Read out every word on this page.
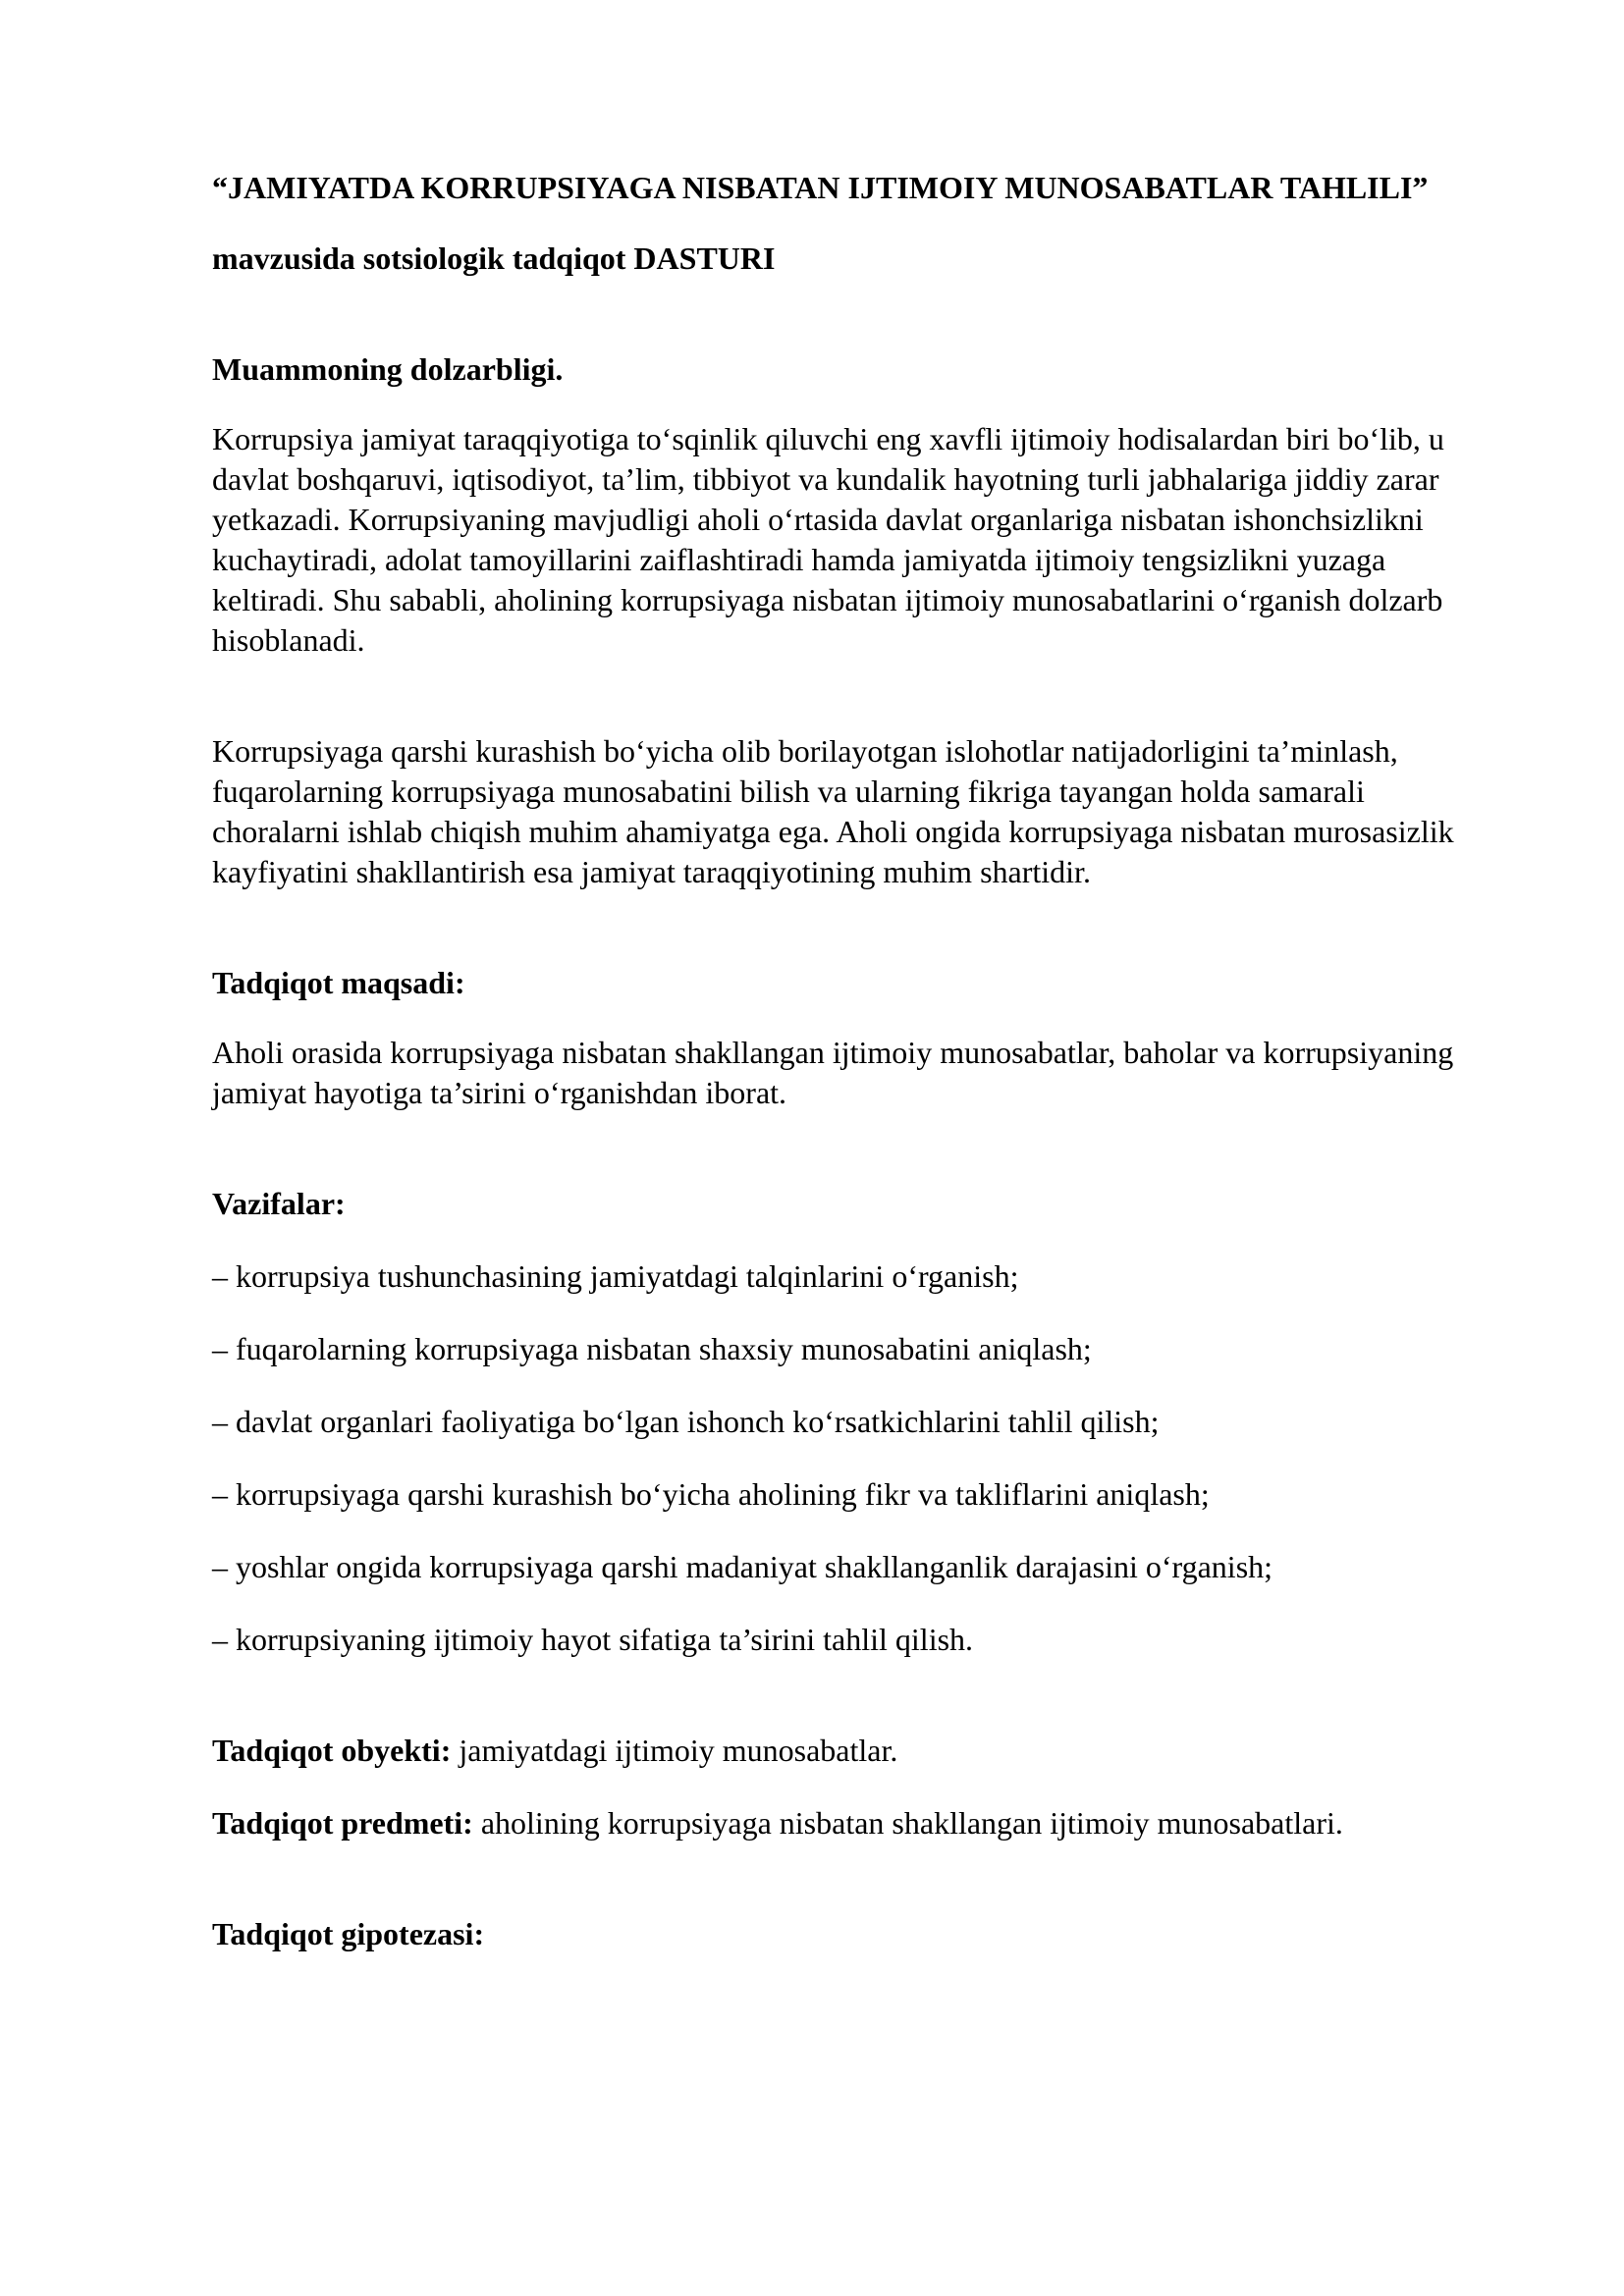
“JAMIYATDA KORRUPSIYAGA NISBATAN IJTIMOIY MUNOSABATLAR TAHLILI”

mavzusida sotsiologik tadqiqot DASTURI

Muammoning dolzarbligi.

Korrupsiya jamiyat taraqqiyotiga to‘sqinlik qiluvchi eng xavfli ijtimoiy hodisalardan biri bo‘lib, u davlat boshqaruvi, iqtisodiyot, ta’lim, tibbiyot va kundalik hayotning turli jabhalariga jiddiy zarar yetkazadi. Korrupsiyaning mavjudligi aholi o‘rtasida davlat organlariga nisbatan ishonchsizlikni kuchaytiradi, adolat tamoyillarini zaiflashtiradi hamda jamiyatda ijtimoiy tengsizlikni yuzaga keltiradi. Shu sababli, aholining korrupsiyaga nisbatan ijtimoiy munosabatlarini o‘rganish dolzarb hisoblanadi.

Korrupsiyaga qarshi kurashish bo‘yicha olib borilayotgan islohotlar natijadorligini ta’minlash, fuqarolarning korrupsiyaga munosabatini bilish va ularning fikriga tayangan holda samarali choralarni ishlab chiqish muhim ahamiyatga ega. Aholi ongida korrupsiyaga nisbatan murosasizlik kayfiyatini shakllantirish esa jamiyat taraqqiyotining muhim shartidir.

Tadqiqot maqsadi:

Aholi orasida korrupsiyaga nisbatan shakllangan ijtimoiy munosabatlar, baholar va korrupsiyaning jamiyat hayotiga ta’sirini o‘rganishdan iborat.

Vazifalar:

– korrupsiya tushunchasining jamiyatdagi talqinlarini o‘rganish;

– fuqarolarning korrupsiyaga nisbatan shaxsiy munosabatini aniqlash;

– davlat organlari faoliyatiga bo‘lgan ishonch ko‘rsatkichlarini tahlil qilish;

– korrupsiyaga qarshi kurashish bo‘yicha aholining fikr va takliflarini aniqlash;

– yoshlar ongida korrupsiyaga qarshi madaniyat shakllanganlik darajasini o‘rganish;

– korrupsiyaning ijtimoiy hayot sifatiga ta’sirini tahlil qilish.

Tadqiqot obyekti: jamiyatdagi ijtimoiy munosabatlar.

Tadqiqot predmeti: aholining korrupsiyaga nisbatan shakllangan ijtimoiy munosabatlari.

Tadqiqot gipotezasi:
